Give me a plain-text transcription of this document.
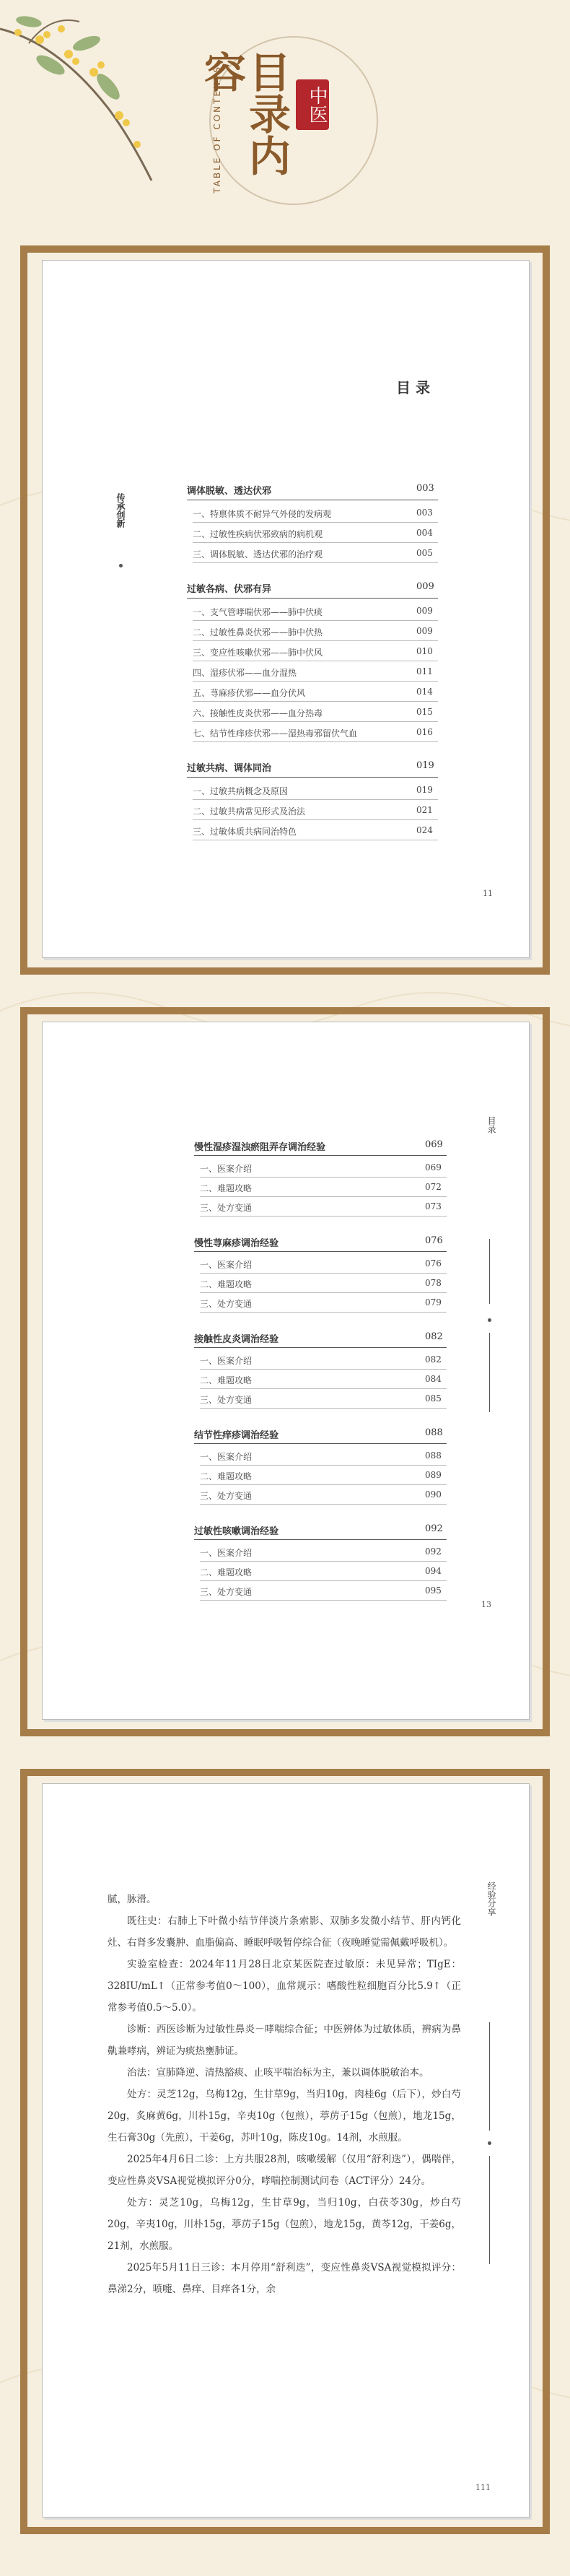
TABLE OF CONTENTS 目录内容
中医
目 录
传承创新
调体脱敏、透达伏邪	003
一、特禀体质不耐异气外侵的发病观	003
二、过敏性疾病伏邪致病的病机观	004
三、调体脱敏、透达伏邪的治疗观	005
过敏各病、伏邪有异	009
一、支气管哮喘伏邪——肺中伏痰	009
二、过敏性鼻炎伏邪——肺中伏热	009
三、变应性咳嗽伏邪——肺中伏风	010
四、湿疹伏邪——血分湿热	011
五、荨麻疹伏邪——血分伏风	014
六、接触性皮炎伏邪——血分热毒	015
七、结节性痒疹伏邪——湿热毒邪留伏气血	016
过敏共病、调体同治	019
一、过敏共病概念及原因	019
二、过敏共病常见形式及治法	021
三、过敏体质共病同治特色	024
11
目录
慢性湿疹湿浊瘀阻弄存调治经验	069
一、医案介绍	069
二、难题攻略	072
三、处方变通	073
慢性荨麻疹调治经验	076
一、医案介绍	076
二、难题攻略	078
三、处方变通	079
接触性皮炎调治经验	082
一、医案介绍	082
二、难题攻略	084
三、处方变通	085
结节性痒疹调治经验	088
一、医案介绍	088
二、难题攻略	089
三、处方变通	090
过敏性咳嗽调治经验	092
一、医案介绍	092
二、难题攻略	094
三、处方变通	095
13
经验分享

腻，脉滑。

既往史：右肺上下叶微小结节伴淡片条索影、双肺多发微小结节、肝内钙化灶、右肾多发囊肿、血脂偏高、睡眠呼吸暂停综合征（夜晚睡觉需佩戴呼吸机）。

实验室检查：2024年11月28日北京某医院查过敏原：未见异常；TIgE：328IU/mL↑（正常参考值0～100），血常规示：嗜酸性粒细胞百分比5.9↑（正常参考值0.5～5.0）。

诊断：西医诊断为过敏性鼻炎－哮喘综合征；中医辨体为过敏体质，辨病为鼻鼽兼哮病，辨证为痰热壅肺证。

治法：宣肺降逆、清热豁痰、止咳平喘治标为主，兼以调体脱敏治本。

处方：灵芝12g，乌梅12g，生甘草9g，当归10g，肉桂6g（后下），炒白芍20g，炙麻黄6g，川朴15g，辛夷10g（包煎），葶苈子15g（包煎），地龙15g，生石膏30g（先煎），干姜6g，苏叶10g，陈皮10g。14剂，水煎服。

2025年4月6日二诊：上方共服28剂，咳嗽缓解（仅用“舒利迭”），偶喘伴，变应性鼻炎VSA视觉模拟评分0分，哮喘控制测试问卷（ACT评分）24分。

处方：灵芝10g，乌梅12g，生甘草9g，当归10g，白茯苓30g，炒白芍20g，辛夷10g，川朴15g，葶苈子15g（包煎），地龙15g，黄芩12g，干姜6g，21剂，水煎服。

2025年5月11日三诊：本月停用“舒利迭”，变应性鼻炎VSA视觉模拟评分：鼻涕2分，喷嚏、鼻痒、目痒各1分，余

111
